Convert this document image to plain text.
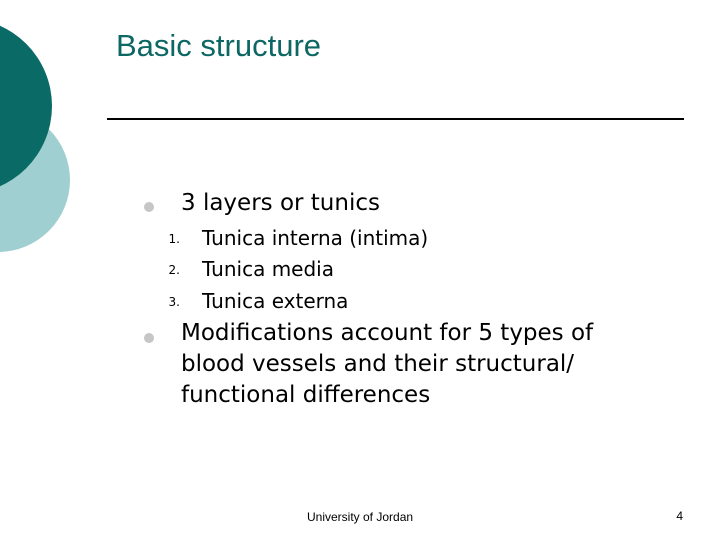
Basic structure
3 layers or tunics
1. Tunica interna (intima)
2. Tunica media
3. Tunica externa
Modifications account for 5 types of blood vessels and their structural/ functional differences
University of Jordan	4
